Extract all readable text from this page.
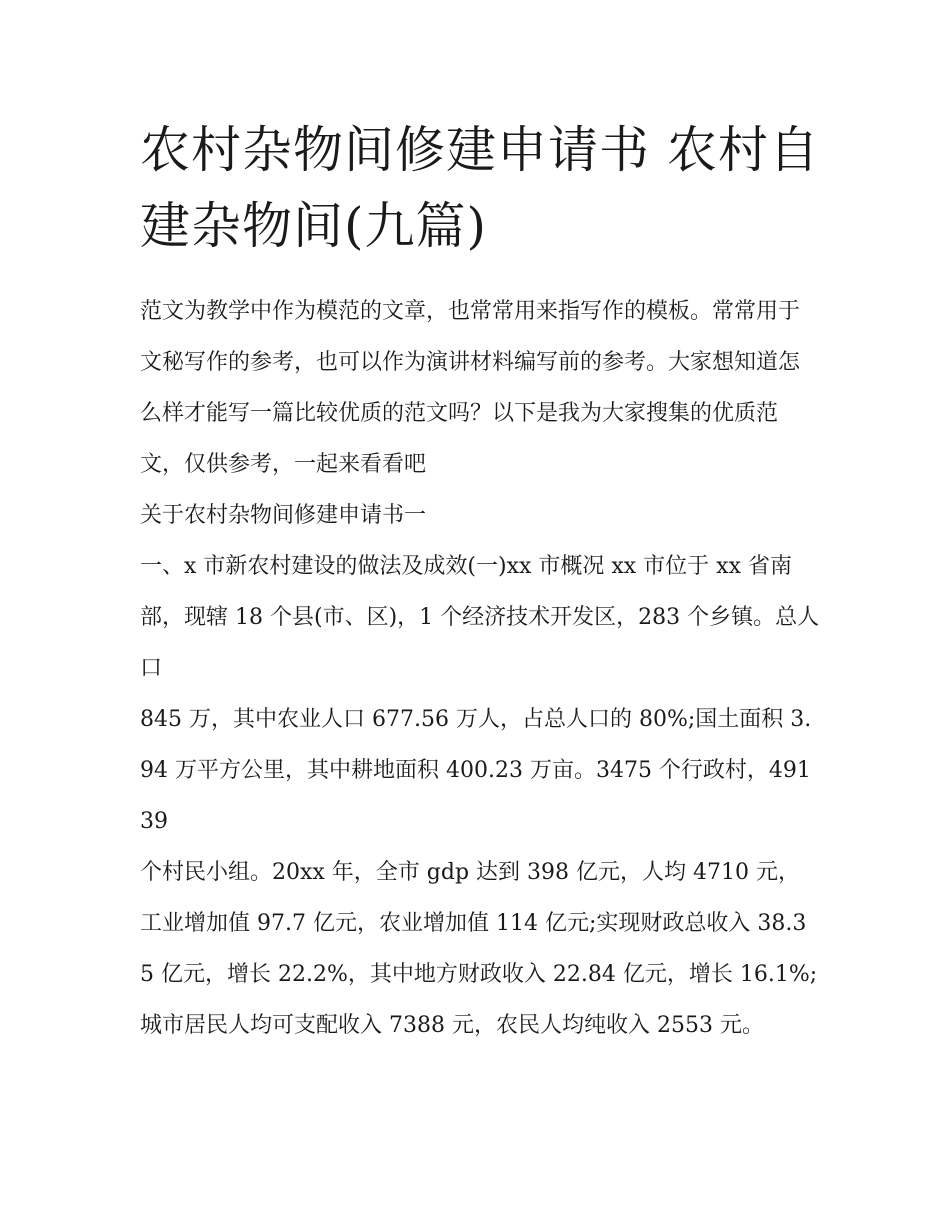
农村杂物间修建申请书 农村自建杂物间(九篇)

范文为教学中作为模范的文章，也常常用来指写作的模板。常常用于文秘写作的参考，也可以作为演讲材料编写前的参考。大家想知道怎么样才能写一篇比较优质的范文吗？以下是我为大家搜集的优质范文，仅供参考，一起来看看吧

关于农村杂物间修建申请书一

一、x 市新农村建设的做法及成效(一)xx 市概况 xx 市位于 xx 省南部，现辖 18 个县(市、区)，1 个经济技术开发区，283 个乡镇。总人口

845 万，其中农业人口 677.56 万人，占总人口的 80%;国土面积 3.94 万平方公里，其中耕地面积 400.23 万亩。3475 个行政村，49139

个村民小组。20xx 年，全市 gdp 达到 398 亿元，人均 4710 元，工业增加值 97.7 亿元，农业增加值 114 亿元;实现财政总收入 38.35 亿元，增长 22.2%，其中地方财政收入 22.84 亿元，增长 16.1%;城市居民人均可支配收入 7388 元，农民人均纯收入 2553 元。
